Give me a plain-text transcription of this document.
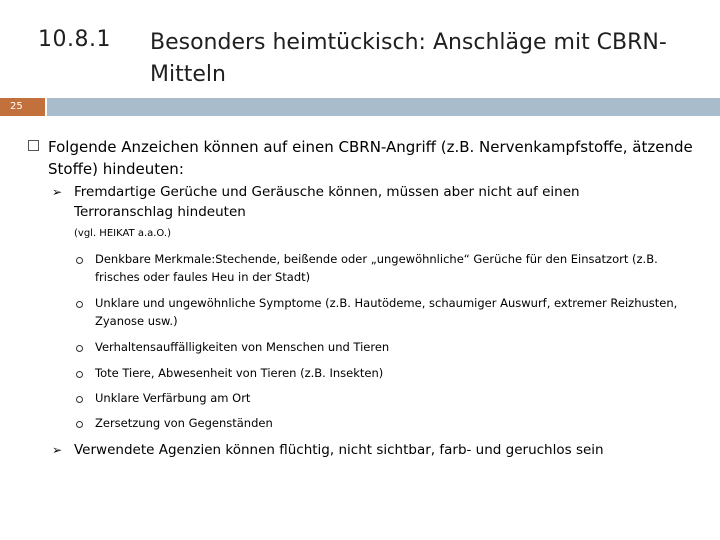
10.8.1 Besonders heimtückisch: Anschläge mit CBRN-Mitteln
25
Folgende Anzeichen können auf einen CBRN-Angriff (z.B. Nervenkampfstoffe, ätzende Stoffe) hindeuten:
➢ Fremdartige Gerüche und Geräusche können, müssen aber nicht auf einen Terroranschlag hindeuten
(vgl. HEIKAT a.a.O.)
Denkbare Merkmale:Stechende, beißende oder „ungewöhnliche“ Gerüche für den Einsatzort (z.B. frisches oder faules Heu in der Stadt)
Unklare und ungewöhnliche Symptome (z.B. Hautödeme, schaumiger Auswurf, extremer Reizhusten, Zyanose usw.)
Verhaltensauffälligkeiten von Menschen und Tieren
Tote Tiere, Abwesenheit von Tieren (z.B. Insekten)
Unklare Verfärbung am Ort
Zersetzung von Gegenständen
➢ Verwendete Agenzien können flüchtig, nicht sichtbar, farb- und geruchlos sein
